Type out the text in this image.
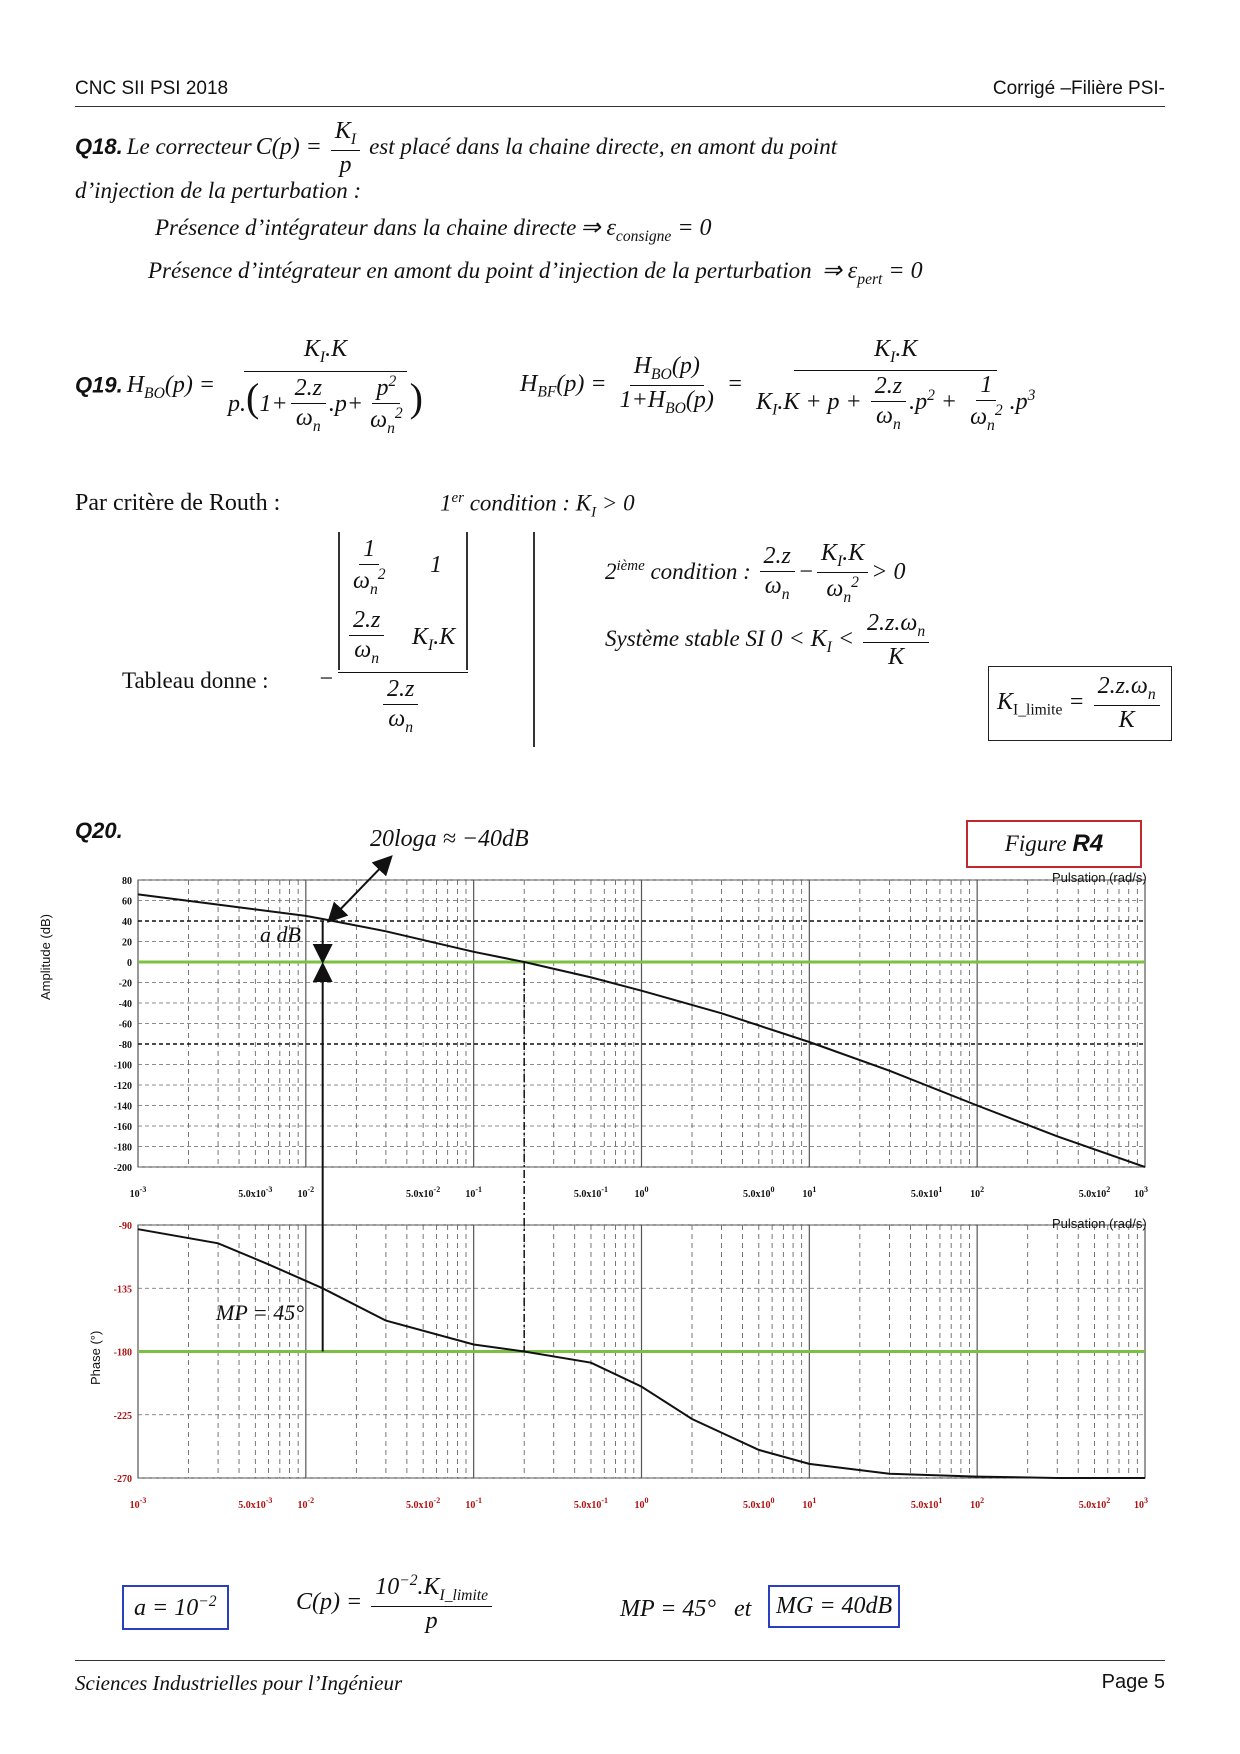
CNC SII PSI 2018	Corrigé –Filière PSI-
Q18. Le correcteur $C(p) = \frac{K_I}{p}$ est placé dans la chaine directe, en amont du point
d’injection de la perturbation :
Présence d’intégrateur dans la chaine directe ⇒ $\varepsilon_{consigne} = 0$
Présence d’intégrateur en amont du point d’injection de la perturbation ⇒ $\varepsilon_{pert} = 0$
Q19. $H_{BO}(p) = \frac{K_I.K}{p.(1+ \frac{2.z}{\omega_n} .p+ \frac{p^2}{\omega_n^2} )}$	$H_{BF}(p) = \frac{H_{BO}(p)}{1+H_{BO}(p)} = \frac{K_I.K}{K_I.K + p + \frac{2.z}{\omega_n} .p^2 + \frac{1}{\omega_n^2} .p^3}$
Par critère de Routh :	1er condition : $K_I > 0$
$\frac{1}{\omega_n^2} 1$
$\frac{2.z}{\omega_n} K_I.K$
Tableau donne : − $\frac{2.z}{\omega_n}$
2ième condition : $\frac{2.z}{\omega_n} - \frac{K_I.K}{\omega_n^2} > 0$
Système stable SI $0 < K_I < \frac{2.z.\omega_n}{K}$
$K_{I\_limite} = \frac{2.z.\omega_n}{K}$
Q20.
Figure
R4
80
60
40
20
0
-20
-40
-60
-80
-100
-120
-140
-160
-180
-200
$10^{-3}$	$5.0x10^{-3}$	$10^{-2}$	$5.0x10^{-2}$	$10^{-1}$	$5.0x10^{-1}$	$10^0$	$5.0x10^0$	$10^1$	$5.0x10^1$	$10^2$	$5.0x10^2$ $10^3$
-90
-135
-180
-225
-270
$10^{-3}$	$5.0x10^{-3}$	$10^{-2}$	$5.0x10^{-2}$	$10^{-1}$	$5.0x10^{-1}$	$10^0$	$5.0x10^0$	$10^1$	$5.0x10^1$	$10^2$	$5.0x10^2$ $10^3$
20loga ≈ −40dB
a dB
MP = 45°
Pulsation (rad/s)
Pulsation (rad/s)
Amplitude (dB)
Phase (°)
$a = 10^{-2}$	$C(p) = \frac{10^{-2}.K_{I\_limite}}{p}$	MP = 45° et	MG = 40dB
Sciences Industrielles pour l’Ingénieur	Page 5
